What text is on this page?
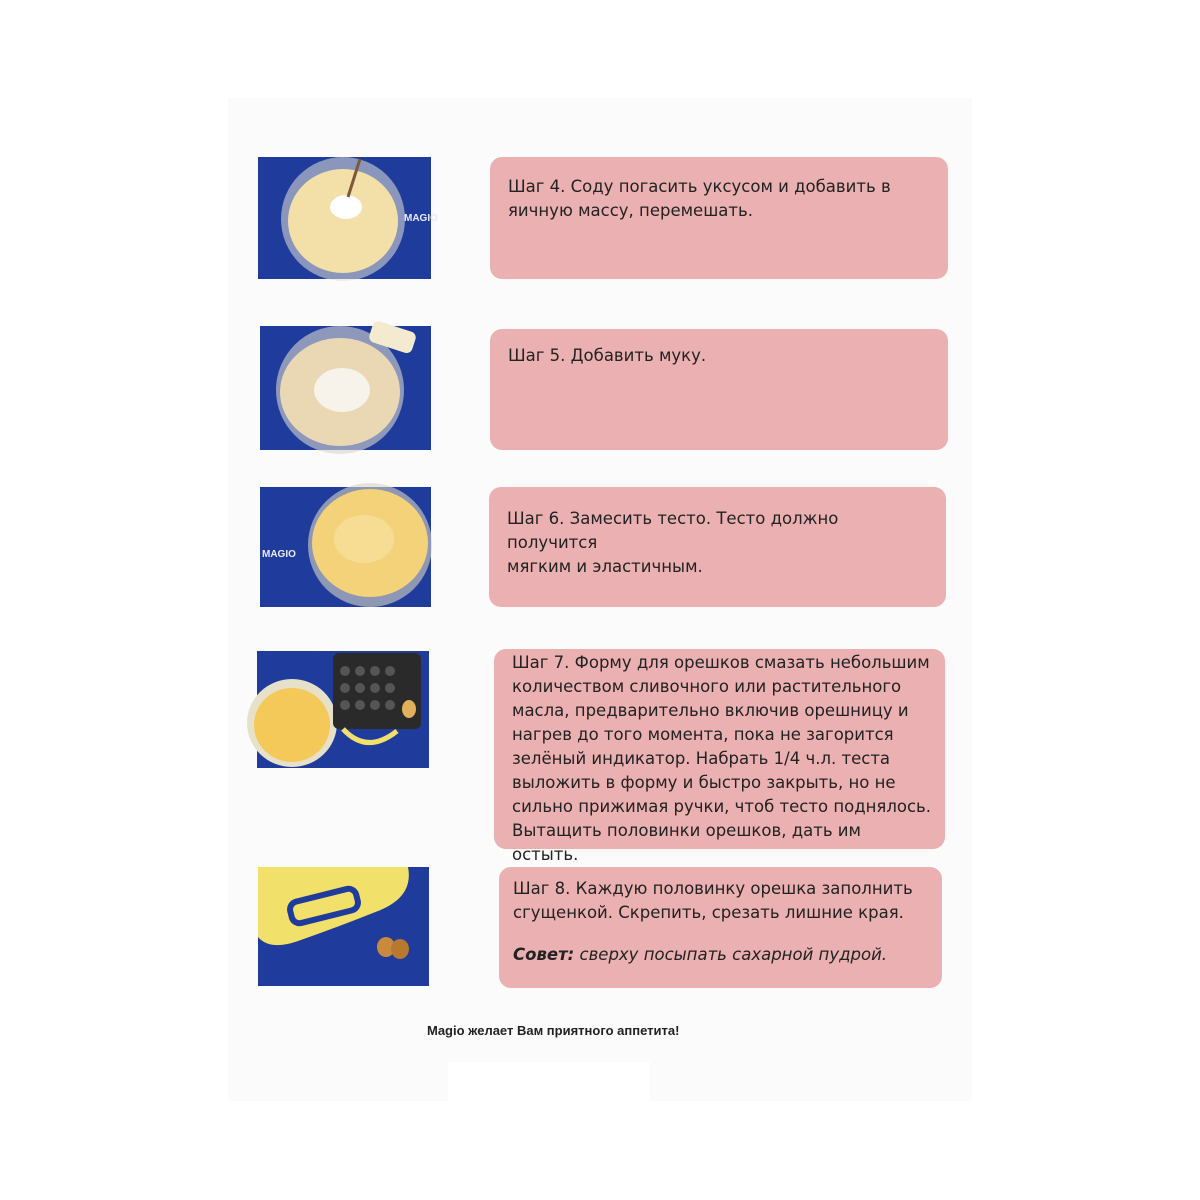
MAGIO

Шаг 4. Соду погасить уксусом и добавить в
яичную массу, перемешать.

Шаг 5. Добавить муку.

MAGIO

Шаг 6. Замесить тесто. Тесто должно получится
мягким и эластичным.

Шаг 7. Форму для орешков смазать небольшим
количеством сливочного или растительного
масла, предварительно включив орешницу и
нагрев до того момента, пока не загорится
зелёный индикатор. Набрать 1/4 ч.л. теста
выложить в форму и быстро закрыть, но не
сильно прижимая ручки, чтоб тесто поднялось.
Вытащить половинки орешков, дать им остыть.

Шаг 8. Каждую половинку орешка заполнить
сгущенкой. Скрепить, срезать лишние края.

Совет: сверху посыпать сахарной пудрой.

Magio желает Вам приятного аппетита!
